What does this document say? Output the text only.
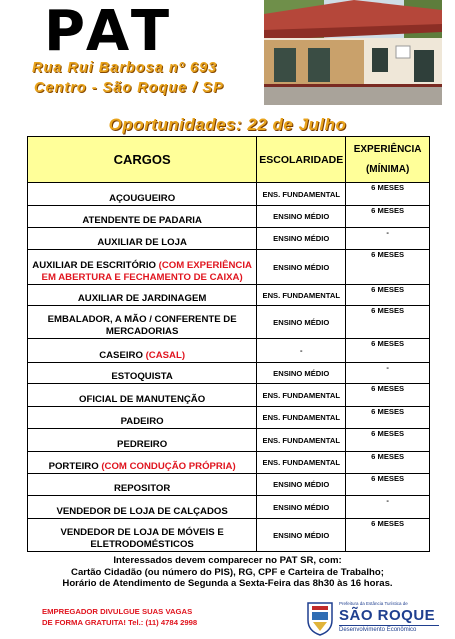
PAT
Rua Rui Barbosa nº 693
Centro - São Roque / SP
Oportunidades: 22 de Julho
CARGOS	ESCOLARIDADE	EXPERIÊNCIA
(MÍNIMA)
AÇOUGUEIRO	ENS. FUNDAMENTAL	6 MESES
ATENDENTE DE PADARIA	ENSINO MÉDIO	6 MESES
AUXILIAR DE LOJA	ENSINO MÉDIO	-
AUXILIAR DE ESCRITÓRIO (COM EXPERIÊNCIA EM ABERTURA E FECHAMENTO DE CAIXA)	ENSINO MÉDIO	6 MESES
AUXILIAR DE JARDINAGEM	ENS. FUNDAMENTAL	6 MESES
EMBALADOR, A MÃO / CONFERENTE DE MERCADORIAS	ENSINO MÉDIO	6 MESES
CASEIRO (CASAL)	-	6 MESES
ESTOQUISTA	ENSINO MÉDIO	-
OFICIAL DE MANUTENÇÃO	ENS. FUNDAMENTAL	6 MESES
PADEIRO	ENS. FUNDAMENTAL	6 MESES
PEDREIRO	ENS. FUNDAMENTAL	6 MESES
PORTEIRO (COM CONDUÇÃO PRÓPRIA)	ENS. FUNDAMENTAL	6 MESES
REPOSITOR	ENSINO MÉDIO	6 MESES
VENDEDOR DE LOJA DE CALÇADOS	ENSINO MÉDIO	-
VENDEDOR DE LOJA DE MÓVEIS E ELETRODOMÉSTICOS	ENSINO MÉDIO	6 MESES
Interessados devem comparecer no PAT SR, com:
Cartão Cidadão (ou número do PIS), RG, CPF e Carteira de Trabalho;
Horário de Atendimento de Segunda a Sexta-Feira das 8h30 às 16 horas.
EMPREGADOR DIVULGUE SUAS VAGAS
DE FORMA GRATUITA! Tel.: (11) 4784 2998
Prefeitura da Estância Turística de
SÃO ROQUE
Desenvolvimento Econômico
